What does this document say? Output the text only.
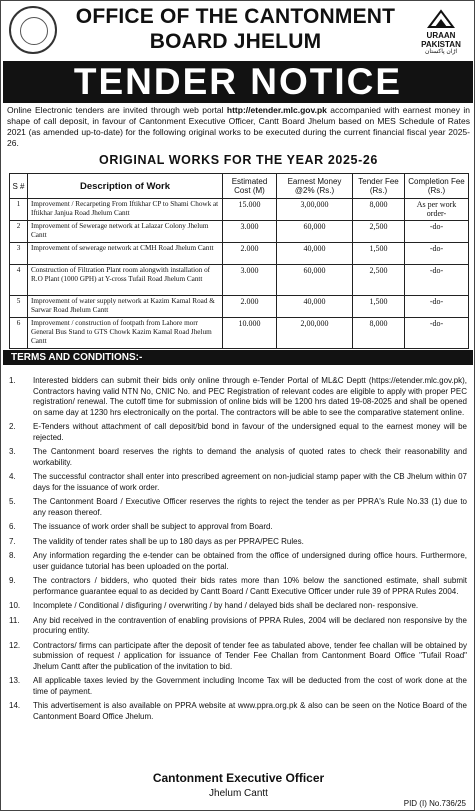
OFFICE OF THE CANTONMENT
BOARD JHELUM	URAAN
PAKISTAN
اڑان پاکستان
TENDER NOTICE
Online Electronic tenders are invited through web portal http://etender.mlc.gov.pk accompanied with earnest money in shape of call deposit, in favour of Cantonment Executive Officer, Cantt Board Jhelum based on MES Schedule of Rates 2021 (as amended up-to-date) for the following original works to be executed during the current financial fiscal year 2025-26.
ORIGINAL WORKS FOR THE YEAR 2025-26
S #	Description of Work	Estimated Cost (M)	Earnest Money @2% (Rs.)	Tender Fee (Rs.)	Completion Fee (Rs.)
1	Improvement / Recarpeting From Iftikhar CP to Shami Chowk at Iftikhar Janjua Road Jhelum Cantt	15.000	3,00,000	8,000	As per work order-
2	Improvement of Sewerage network at Lalazar Colony Jhelum Cantt	3.000	60,000	2,500	-do-
3	Improvement of sewerage network at CMH Road Jhelum Cantt	2.000	40,000	1,500	-do-
4	Construction of Filtration Plant room alongwith installation of R.O Plant (1000 GPH) at Y-cross Tufail Road Jhelum Cantt	3.000	60,000	2,500	-do-
5	Improvement of water supply network at Kazim Kamal Road & Sarwar Road Jhelum Cantt	2.000	40,000	1,500	-do-
6	Improvement / construction of footpath from Lahore morr General Bus Stand to GTS Chowk Kazim Kamal Road Jhelum Cantt	10.000	2,00,000	8,000	-do-
TERMS AND CONDITIONS:-
1. Interested bidders can submit their bids only online through e-Tender Portal of ML&C Deptt (https://etender.mlc.gov.pk), Contractors having valid NTN No, CNIC No. and PEC Registration of relevant codes are eligible to apply with proper PEC registration/ renewal. The cutoff time for submission of online bids will be 1200 hrs dated 19-08-2025 and shall be opened on same day at 1230 hrs electronically on the portal. The contractors will be able to see the comparative statement online.
2. E-Tenders without attachment of call deposit/bid bond in favour of the undersigned equal to the earnest money will be rejected.
3. The Cantonment board reserves the rights to demand the analysis of quoted rates to check their reasonability and workability.
4. The successful contractor shall enter into prescribed agreement on non-judicial stamp paper with the CB Jhelum within 07 days for the issuance of work order.
5. The Cantonment Board / Executive Officer reserves the rights to reject the tender as per PPRA's Rule No.33 (1) due to any reason thereof.
6. The issuance of work order shall be subject to approval from Board.
7. The validity of tender rates shall be up to 180 days as per PPRA/PEC Rules.
8. Any information regarding the e-tender can be obtained from the office of undersigned during office hours. Furthermore, user guidance tutorial has been uploaded on the portal.
9. The contractors / bidders, who quoted their bids rates more than 10% below the sanctioned estimate, shall submit performance guarantee equal to as decided by Cantt Board / Cantt Executive Officer under rule 39 of PPRA Rules 2004.
10. Incomplete / Conditional / disfiguring / overwriting / by hand / delayed bids shall be declared non- responsive.
11. Any bid received in the contravention of enabling provisions of PPRA Rules, 2004 will be declared non responsive by the procuring entity.
12. Contractors/ firms can participate after the deposit of tender fee as tabulated above, tender fee challan will be obtained by submission of request / application for issuance of Tender Fee Challan from Cantonment Board Office "Tufail Road" Jhelum Cantt after the publication of the invitation to bid.
13. All applicable taxes levied by the Government including Income Tax will be deducted from the cost of work done at the time of payment.
14. This advertisement is also available on PPRA website at www.ppra.org.pk & also can be seen on the Notice Board of the Cantonment Board Office Jhelum.
Cantonment Executive Officer
Jhelum Cantt
PID (I) No.736/25
